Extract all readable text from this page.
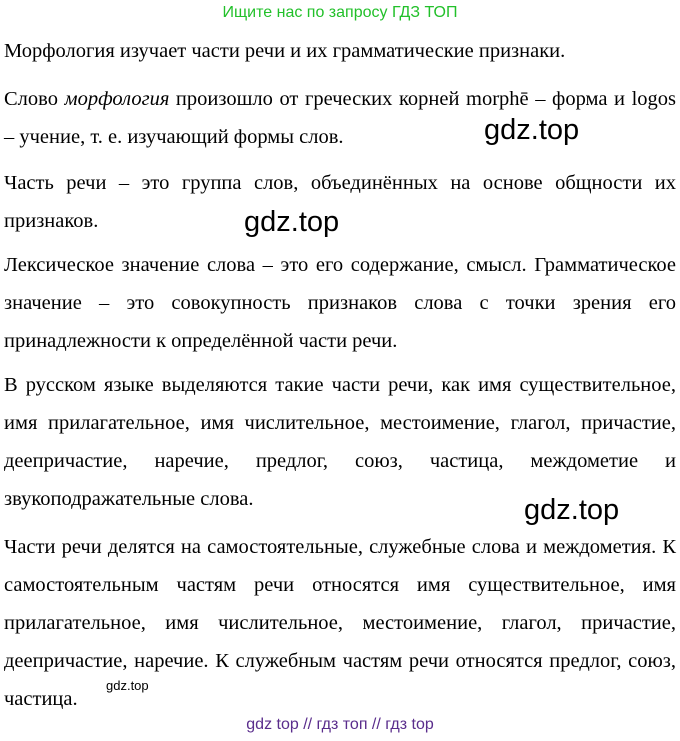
Ищите нас по запросу ГДЗ ТОП

Морфология изучает части речи и их грамматические признаки.

Слово морфология произошло от греческих корней morphē – форма и logos – учение, т. е. изучающий формы слов.

Часть речи – это группа слов, объединённых на основе общности их признаков.

Лексическое значение слова – это его содержание, смысл. Грамматическое значение – это совокупность признаков слова с точки зрения его принадлежности к определённой части речи.

В русском языке выделяются такие части речи, как имя существительное, имя прилагательное, имя числительное, местоимение, глагол, причастие, деепричастие, наречие, предлог, союз, частица, междометие и звукоподражательные слова.

Части речи делятся на самостоятельные, служебные слова и междометия. К самостоятельным частям речи относятся имя существительное, имя прилагательное, имя числительное, местоимение, глагол, причастие, деепричастие, наречие. К служебным частям речи относятся предлог, союз, частица.

gdz.top
gdz.top
gdz.top
gdz.top
gdz top // гдз топ // гдз top
